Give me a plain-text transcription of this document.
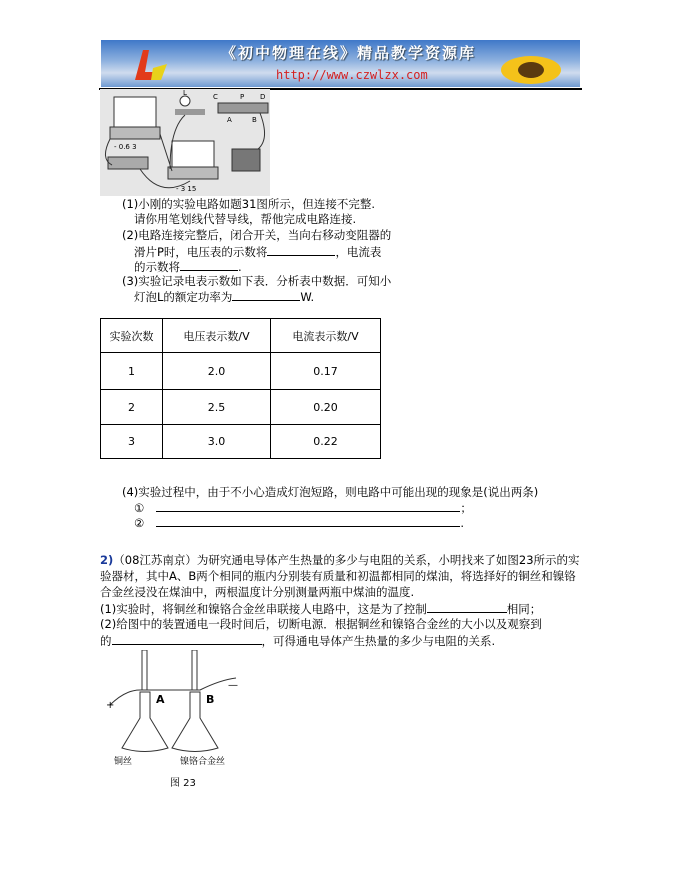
《初中物理在线》精品教学资源库
http://www.czwlzx.com
- 0.6 3
L	C	P D
A	B
- 3 15
(1)小刚的实验电路如题31图所示，但连接不完整.
请你用笔划线代替导线，帮他完成电路连接.
(2)电路连接完整后，闭合开关，当向右移动变阻器的
滑片P时，电压表的示数将	，电流表
的示数将	.
(3)实验记录电表示数如下表．分析表中数据．可知小
灯泡L的额定功率为	W.
实验次数	电压表示数/V	电流表示数/V
1	2.0	0.17
2	2.5	0.20
3	3.0	0.22
(4)实验过程中，由于不小心造成灯泡短路，则电路中可能出现的现象是(说出两条)
①	；
②	.
2)（08江苏南京）为研究通电导体产生热量的多少与电阻的关系，小明找来了如图23所示的实
验器材，其中A、B两个相同的瓶内分别装有质量和初温都相同的煤油，将选择好的铜丝和镍铬
合金丝浸没在煤油中，两根温度计分别测量两瓶中煤油的温度.
(1)实验时，将铜丝和镍铬合金丝串联接人电路中，这是为了控制	相同；
(2)给图中的装置通电一段时间后，切断电源．根据铜丝和镍铬合金丝的大小以及观察到
的	，可得通电导体产生热量的多少与电阻的关系.
+
—
A	B
铜丝	镍铬合金丝
图 23
